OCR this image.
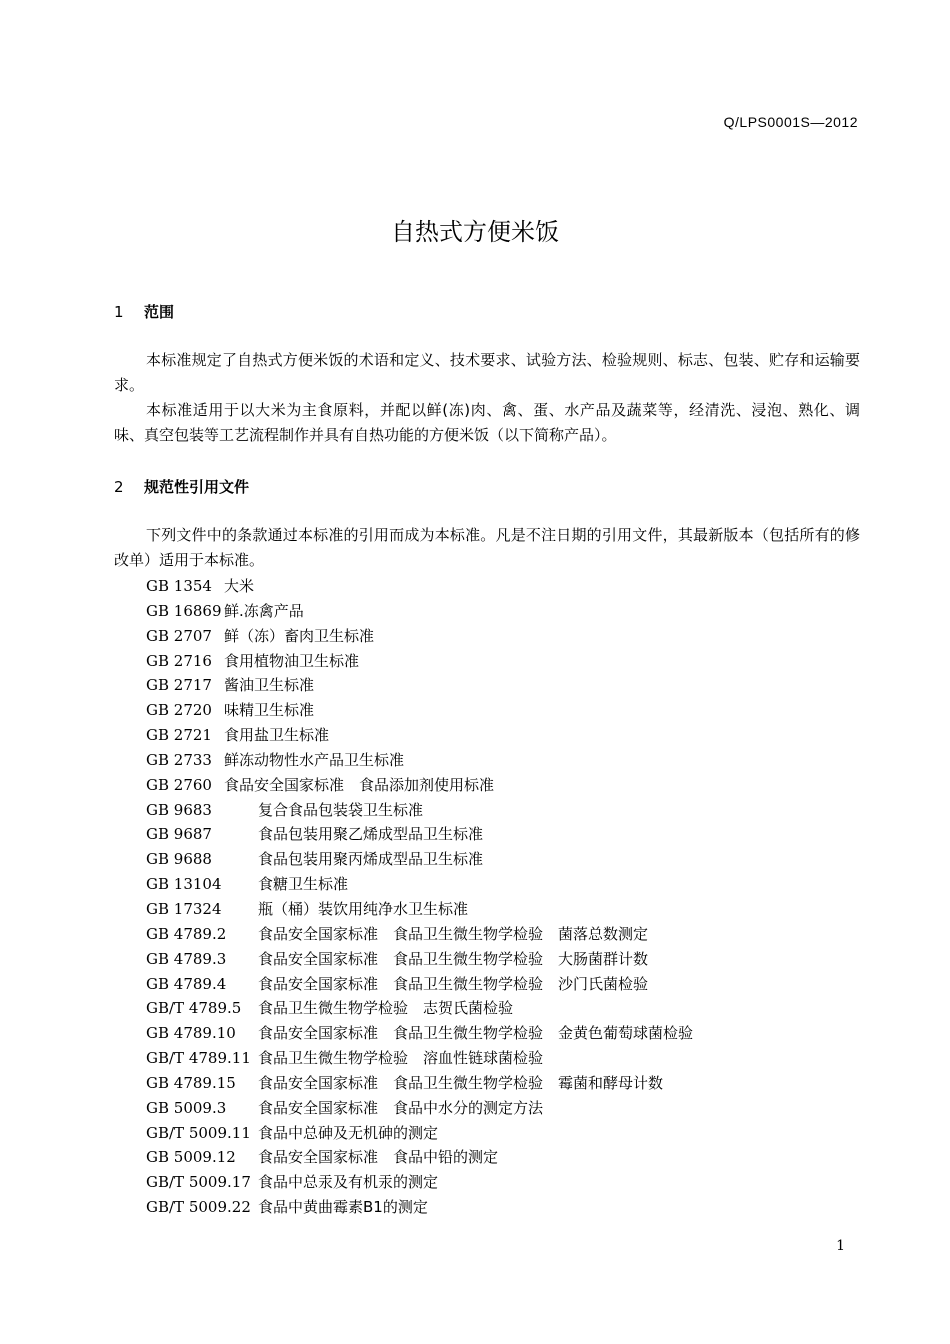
Q/LPS0001S—2012
自热式方便米饭
1 范围
本标准规定了自热式方便米饭的术语和定义、技术要求、试验方法、检验规则、标志、包装、贮存和运输要求。
本标准适用于以大米为主食原料，并配以鲜(冻)肉、禽、蛋、水产品及蔬菜等，经清洗、浸泡、熟化、调味、真空包装等工艺流程制作并具有自热功能的方便米饭（以下简称产品）。
2 规范性引用文件
下列文件中的条款通过本标准的引用而成为本标准。凡是不注日期的引用文件，其最新版本（包括所有的修改单）适用于本标准。
GB 1354 大米
GB 16869 鲜.冻禽产品
GB 2707 鲜（冻）畜肉卫生标准
GB 2716 食用植物油卫生标准
GB 2717 酱油卫生标准
GB 2720 味精卫生标准
GB 2721 食用盐卫生标准
GB 2733 鲜冻动物性水产品卫生标准
GB 2760 食品安全国家标准　食品添加剂使用标准
GB 9683	复合食品包装袋卫生标准
GB 9687	食品包装用聚乙烯成型品卫生标准
GB 9688	食品包装用聚丙烯成型品卫生标准
GB 13104 食糖卫生标准
GB 17324 瓶（桶）装饮用纯净水卫生标准
GB 4789.2 食品安全国家标准　食品卫生微生物学检验　菌落总数测定
GB 4789.3 食品安全国家标准　食品卫生微生物学检验　大肠菌群计数
GB 4789.4 食品安全国家标准　食品卫生微生物学检验　沙门氏菌检验
GB/T 4789.5 食品卫生微生物学检验　志贺氏菌检验
GB 4789.10 食品安全国家标准　食品卫生微生物学检验　金黄色葡萄球菌检验
GB/T 4789.11 食品卫生微生物学检验　溶血性链球菌检验
GB 4789.15 食品安全国家标准　食品卫生微生物学检验　霉菌和酵母计数
GB 5009.3 食品安全国家标准　食品中水分的测定方法
GB/T 5009.11 食品中总砷及无机砷的测定
GB 5009.12 食品安全国家标准　食品中铅的测定
GB/T 5009.17 食品中总汞及有机汞的测定
GB/T 5009.22 食品中黄曲霉素B1的测定
1
